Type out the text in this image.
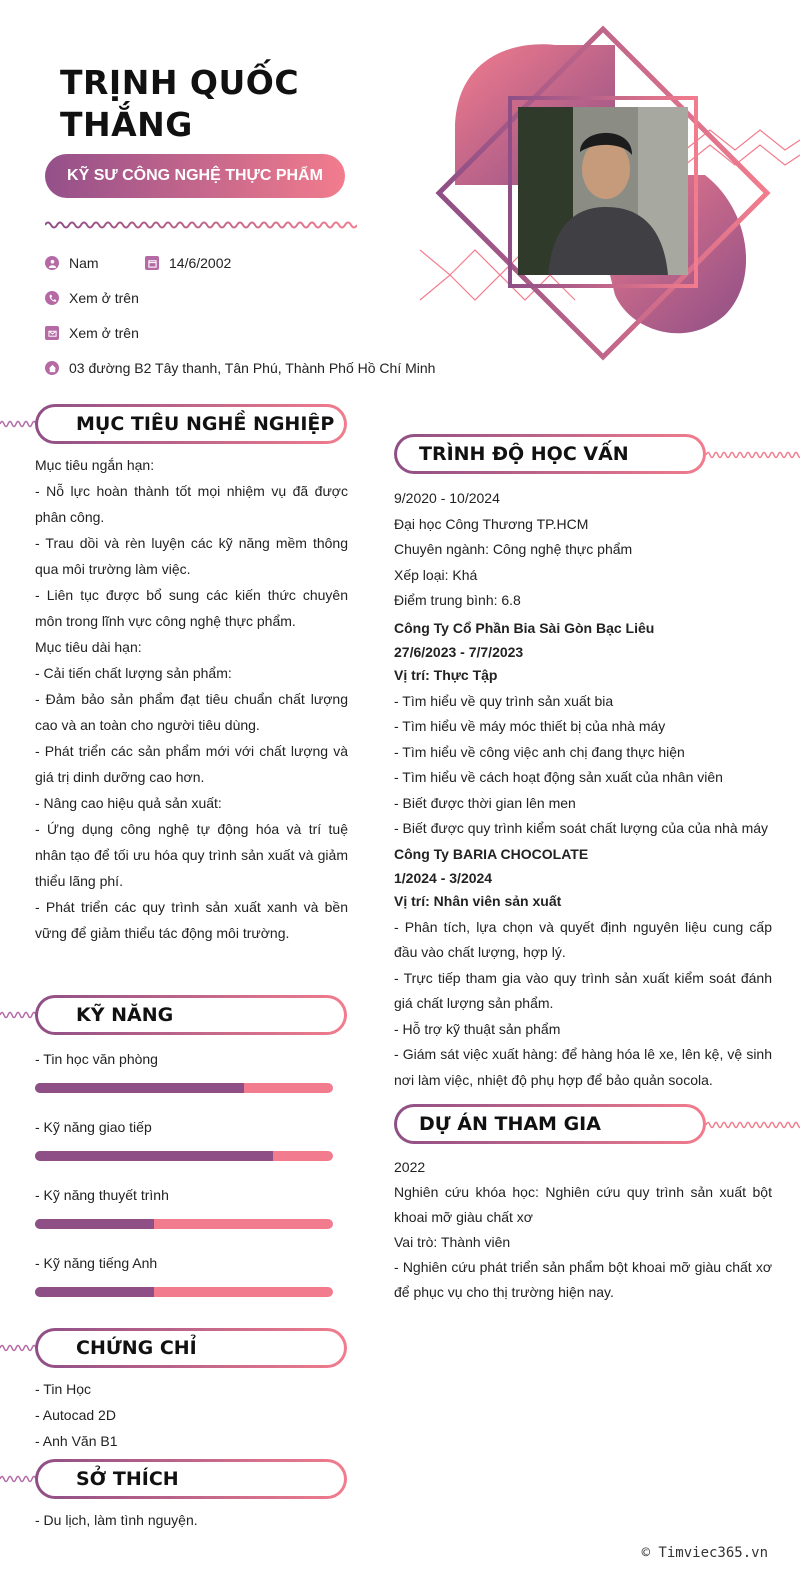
TRỊNH QUỐC THẮNG
KỸ SƯ CÔNG NGHỆ THỰC PHẨM
Nam	14/6/2002
Xem ở trên
Xem ở trên
03 đường B2 Tây thanh, Tân Phú, Thành Phố Hồ Chí Minh
MỤC TIÊU NGHỀ NGHIỆP

Mục tiêu ngắn hạn:

- Nỗ lực hoàn thành tốt mọi nhiệm vụ đã được phân công.

- Trau dồi và rèn luyện các kỹ năng mềm thông qua môi trường làm việc.

- Liên tục được bổ sung các kiến thức chuyên môn trong lĩnh vực công nghệ thực phẩm.

Mục tiêu dài hạn:

- Cải tiến chất lượng sản phẩm:

- Đảm bảo sản phẩm đạt tiêu chuẩn chất lượng cao và an toàn cho người tiêu dùng.

- Phát triển các sản phẩm mới với chất lượng và giá trị dinh dưỡng cao hơn.

- Nâng cao hiệu quả sản xuất:

- Ứng dụng công nghệ tự động hóa và trí tuệ nhân tạo để tối ưu hóa quy trình sản xuất và giảm thiểu lãng phí.

- Phát triển các quy trình sản xuất xanh và bền vững để giảm thiểu tác động môi trường.

KỸ NĂNG
- Tin học văn phòng
- Kỹ năng giao tiếp
- Kỹ năng thuyết trình
- Kỹ năng tiếng Anh
CHỨNG CHỈ

- Tin Học

- Autocad 2D

- Anh Văn B1

SỞ THÍCH

- Du lịch, làm tình nguyện.

TRÌNH ĐỘ HỌC VẤN

9/2020 - 10/2024

Đại học Công Thương TP.HCM

Chuyên ngành: Công nghệ thực phẩm

Xếp loại: Khá

Điểm trung bình: 6.8

Công Ty Cổ Phần Bia Sài Gòn Bạc Liêu

27/6/2023 - 7/7/2023

Vị trí: Thực Tập

- Tìm hiểu về quy trình sản xuất bia

- Tìm hiểu về máy móc thiết bị của nhà máy

- Tìm hiểu về công việc anh chị đang thực hiện

- Tìm hiểu về cách hoạt động sản xuất của nhân viên

- Biết được thời gian lên men

- Biết được quy trình kiểm soát chất lượng của của nhà máy

Công Ty BARIA CHOCOLATE

1/2024 - 3/2024

Vị trí: Nhân viên sản xuất

- Phân tích, lựa chọn và quyết định nguyên liệu cung cấp đầu vào chất lượng, hợp lý.

- Trực tiếp tham gia vào quy trình sản xuất kiểm soát đánh giá chất lượng sản phẩm.

- Hỗ trợ kỹ thuật sản phẩm

- Giám sát việc xuất hàng: để hàng hóa lê xe, lên kệ, vệ sinh nơi làm việc, nhiệt độ phụ hợp để bảo quản socola.

DỰ ÁN THAM GIA

2022

Nghiên cứu khóa học: Nghiên cứu quy trình sản xuất bột khoai mỡ giàu chất xơ

Vai trò: Thành viên

- Nghiên cứu phát triển sản phẩm bột khoai mỡ giàu chất xơ để phục vụ cho thị trường hiện nay.

© Timviec365.vn
